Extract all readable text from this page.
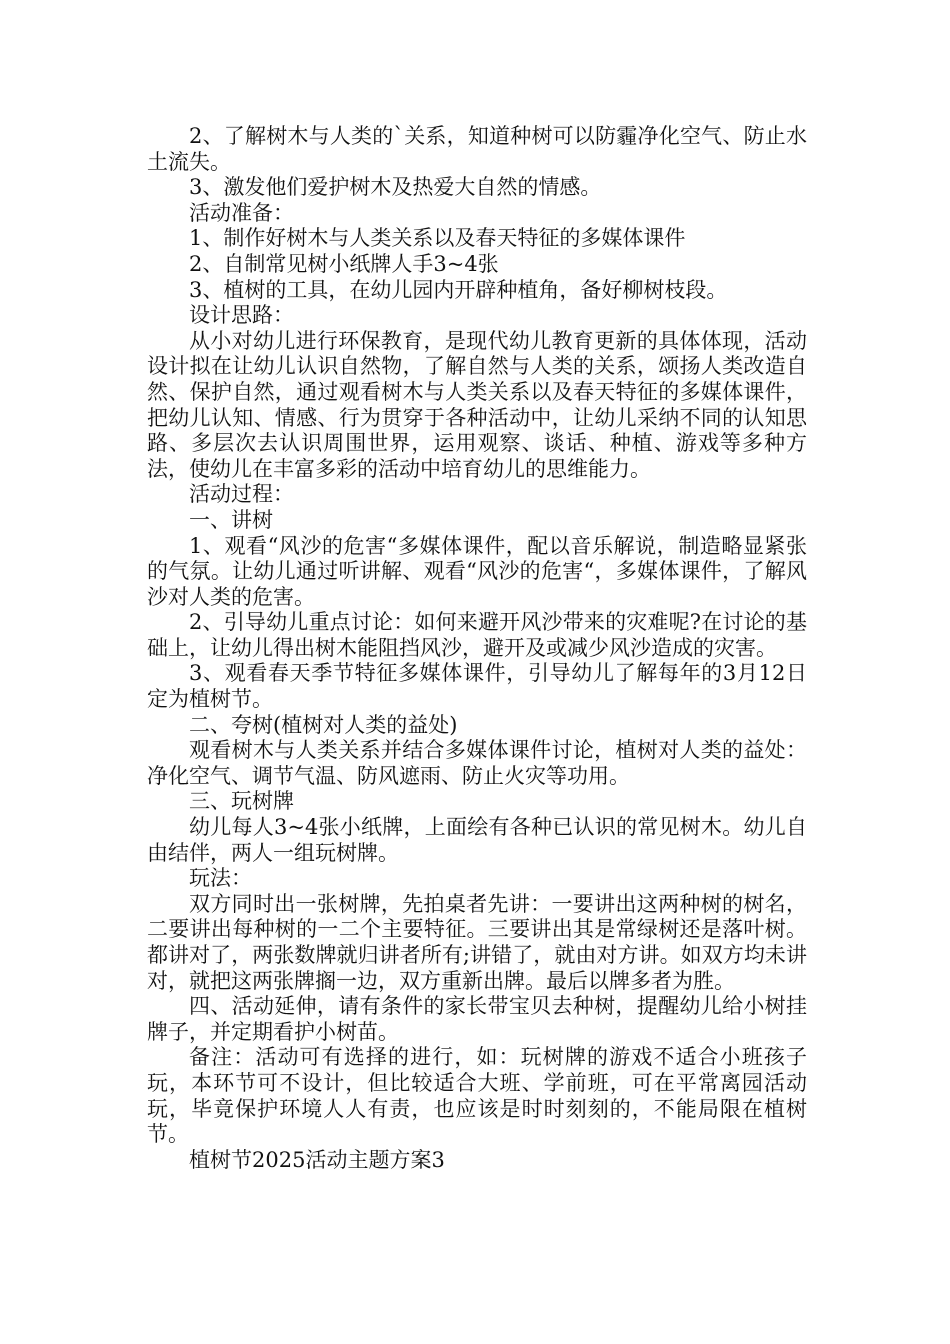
2、了解树木与人类的`关系，知道种树可以防霾净化空气、防止水土流失。

3、激发他们爱护树木及热爱大自然的情感。

活动准备：

1、制作好树木与人类关系以及春天特征的多媒体课件

2、自制常见树小纸牌人手3~4张

3、植树的工具，在幼儿园内开辟种植角，备好柳树枝段。

设计思路：

从小对幼儿进行环保教育，是现代幼儿教育更新的具体体现，活动设计拟在让幼儿认识自然物，了解自然与人类的关系，颂扬人类改造自然、保护自然，通过观看树木与人类关系以及春天特征的多媒体课件，把幼儿认知、情感、行为贯穿于各种活动中，让幼儿采纳不同的认知思路、多层次去认识周围世界，运用观察、谈话、种植、游戏等多种方法，使幼儿在丰富多彩的活动中培育幼儿的思维能力。

活动过程：

一、讲树

1、观看“风沙的危害“多媒体课件，配以音乐解说，制造略显紧张的气氛。让幼儿通过听讲解、观看“风沙的危害“，多媒体课件，了解风沙对人类的危害。

2、引导幼儿重点讨论：如何来避开风沙带来的灾难呢?在讨论的基础上，让幼儿得出树木能阻挡风沙，避开及或减少风沙造成的灾害。

3、观看春天季节特征多媒体课件，引导幼儿了解每年的3月12日定为植树节。

二、夸树(植树对人类的益处)

观看树木与人类关系并结合多媒体课件讨论，植树对人类的益处：净化空气、调节气温、防风遮雨、防止火灾等功用。

三、玩树牌

幼儿每人3~4张小纸牌，上面绘有各种已认识的常见树木。幼儿自由结伴，两人一组玩树牌。

玩法：

双方同时出一张树牌，先拍桌者先讲：一要讲出这两种树的树名，二要讲出每种树的一二个主要特征。三要讲出其是常绿树还是落叶树。都讲对了，两张数牌就归讲者所有;讲错了，就由对方讲。如双方均未讲对，就把这两张牌搁一边，双方重新出牌。最后以牌多者为胜。

四、活动延伸，请有条件的家长带宝贝去种树，提醒幼儿给小树挂牌子，并定期看护小树苗。

备注：活动可有选择的进行，如：玩树牌的游戏不适合小班孩子玩，本环节可不设计，但比较适合大班、学前班，可在平常离园活动玩，毕竟保护环境人人有责，也应该是时时刻刻的，不能局限在植树节。

植树节2025活动主题方案3
